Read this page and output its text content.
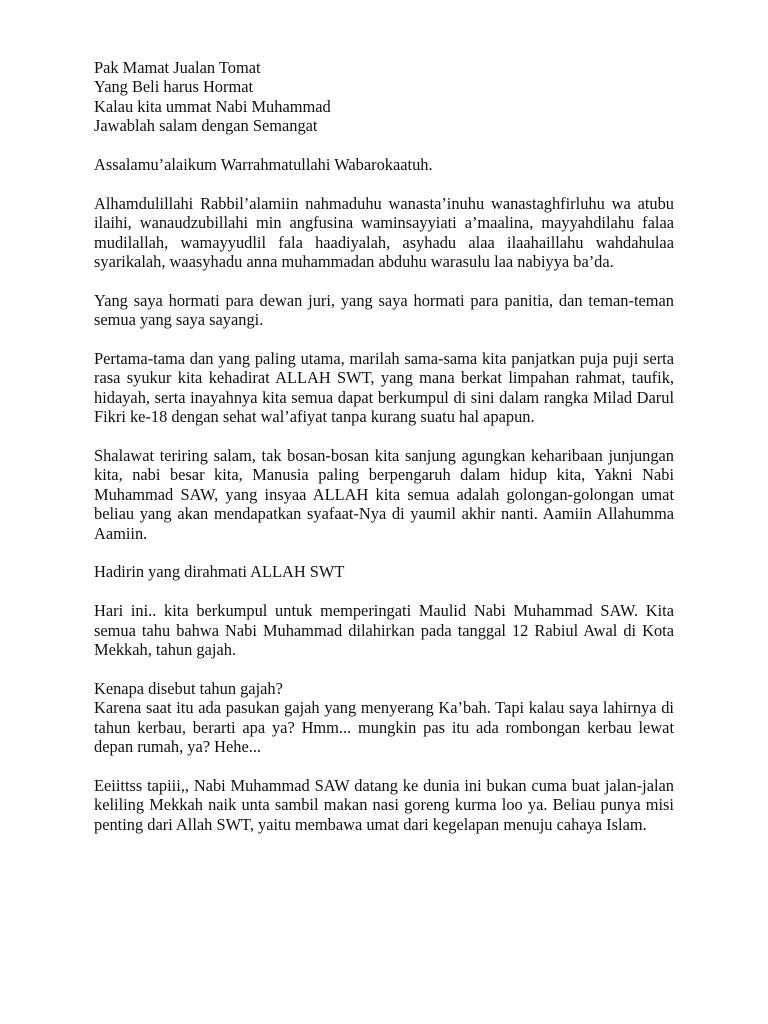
Pak Mamat Jualan Tomat
Yang Beli harus Hormat
Kalau kita ummat Nabi Muhammad
Jawablah salam dengan Semangat

Assalamu’alaikum Warrahmatullahi Wabarokaatuh.

Alhamdulillahi Rabbil’alamiin nahmaduhu wanasta’inuhu wanastaghfirluhu wa atubu ilaihi, wanaudzubillahi min angfusina waminsayyiati a’maalina, mayyahdilahu falaa mudilallah, wamayyudlil fala haadiyalah, asyhadu alaa ilaahaillahu wahdahulaa syarikalah, waasyhadu anna muhammadan abduhu warasulu laa nabiyya ba’da.

Yang saya hormati para dewan juri, yang saya hormati para panitia, dan teman-teman semua yang saya sayangi.

Pertama-tama dan yang paling utama, marilah sama-sama kita panjatkan puja puji serta rasa syukur kita kehadirat ALLAH SWT, yang mana berkat limpahan rahmat, taufik, hidayah, serta inayahnya kita semua dapat berkumpul di sini dalam rangka Milad Darul Fikri ke-18 dengan sehat wal’afiyat tanpa kurang suatu hal apapun.

Shalawat teriring salam, tak bosan-bosan kita sanjung agungkan keharibaan junjungan kita, nabi besar kita, Manusia paling berpengaruh dalam hidup kita, Yakni Nabi Muhammad SAW, yang insyaa ALLAH kita semua adalah golongan-golongan umat beliau yang akan mendapatkan syafaat-Nya di yaumil akhir nanti. Aamiin Allahumma Aamiin.

Hadirin yang dirahmati ALLAH SWT

Hari ini.. kita berkumpul untuk memperingati Maulid Nabi Muhammad SAW. Kita semua tahu bahwa Nabi Muhammad dilahirkan pada tanggal 12 Rabiul Awal di Kota Mekkah, tahun gajah.

Kenapa disebut tahun gajah?
Karena saat itu ada pasukan gajah yang menyerang Ka’bah. Tapi kalau saya lahirnya di tahun kerbau, berarti apa ya? Hmm... mungkin pas itu ada rombongan kerbau lewat depan rumah, ya? Hehe...

Eeiittss tapiii,, Nabi Muhammad SAW datang ke dunia ini bukan cuma buat jalan-jalan keliling Mekkah naik unta sambil makan nasi goreng kurma loo ya. Beliau punya misi penting dari Allah SWT, yaitu membawa umat dari kegelapan menuju cahaya Islam.
